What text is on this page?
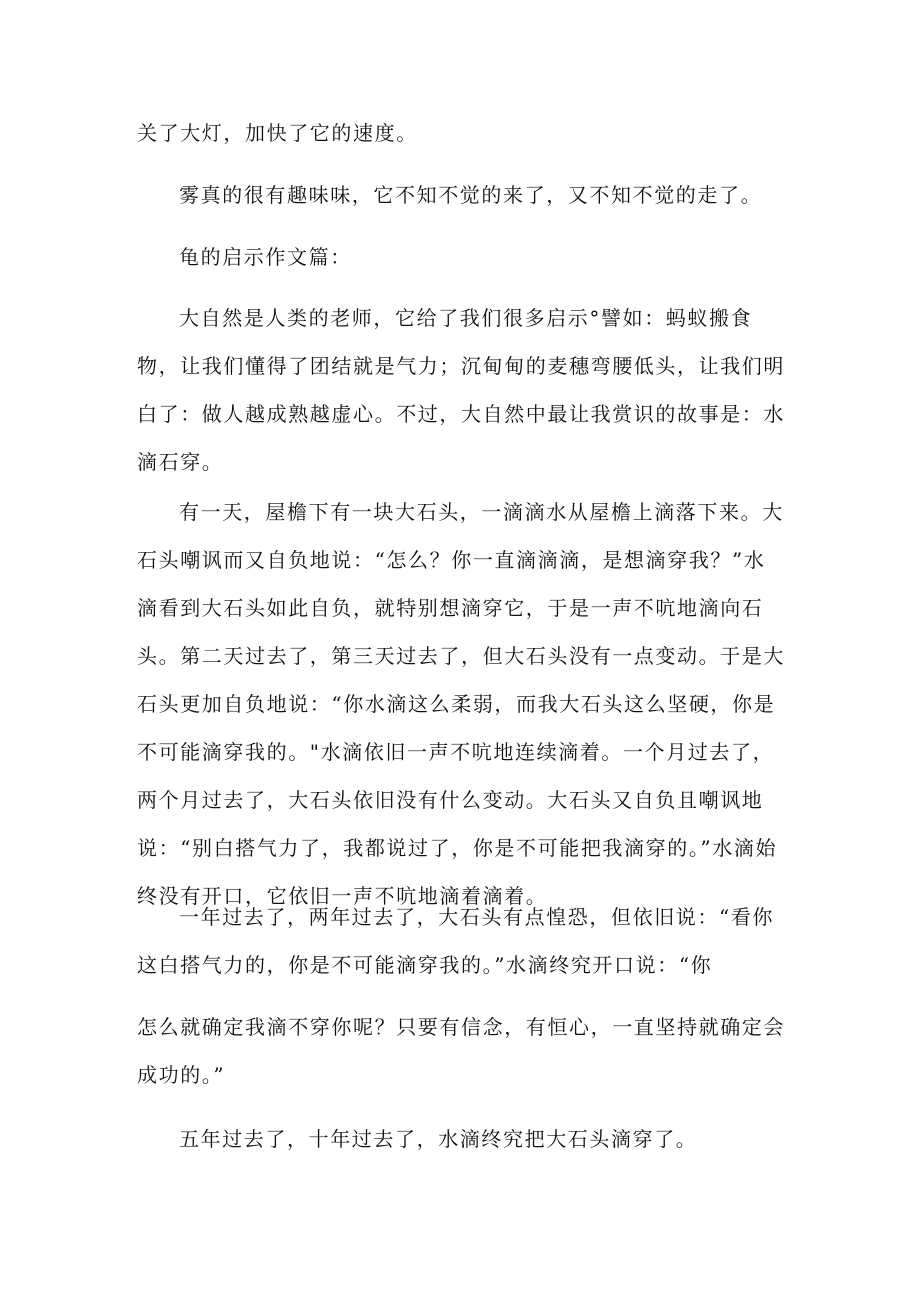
关了大灯，加快了它的速度。

雾真的很有趣味味，它不知不觉的来了，又不知不觉的走了。

龟的启示作文篇：

大自然是人类的老师，它给了我们很多启示°譬如：蚂蚁搬食物，让我们懂得了团结就是气力；沉甸甸的麦穗弯腰低头，让我们明白了：做人越成熟越虚心。不过，大自然中最让我赏识的故事是：水滴石穿。

有一天，屋檐下有一块大石头，一滴滴水从屋檐上滴落下来。大石头嘲讽而又自负地说：“怎么？你一直滴滴滴，是想滴穿我？”水滴看到大石头如此自负，就特别想滴穿它，于是一声不吭地滴向石头。第二天过去了，第三天过去了，但大石头没有一点变动。于是大石头更加自负地说：“你水滴这么柔弱，而我大石头这么坚硬，你是不可能滴穿我的。"水滴依旧一声不吭地连续滴着。一个月过去了，两个月过去了，大石头依旧没有什么变动。大石头又自负且嘲讽地说：“别白搭气力了，我都说过了，你是不可能把我滴穿的。”水滴始终没有开口，它依旧一声不吭地滴着滴着。

一年过去了，两年过去了，大石头有点惶恐，但依旧说：“看你这白搭气力的，你是不可能滴穿我的。”水滴终究开口说：“你

怎么就确定我滴不穿你呢？只要有信念，有恒心，一直坚持就确定会成功的。”

五年过去了，十年过去了，水滴终究把大石头滴穿了。
